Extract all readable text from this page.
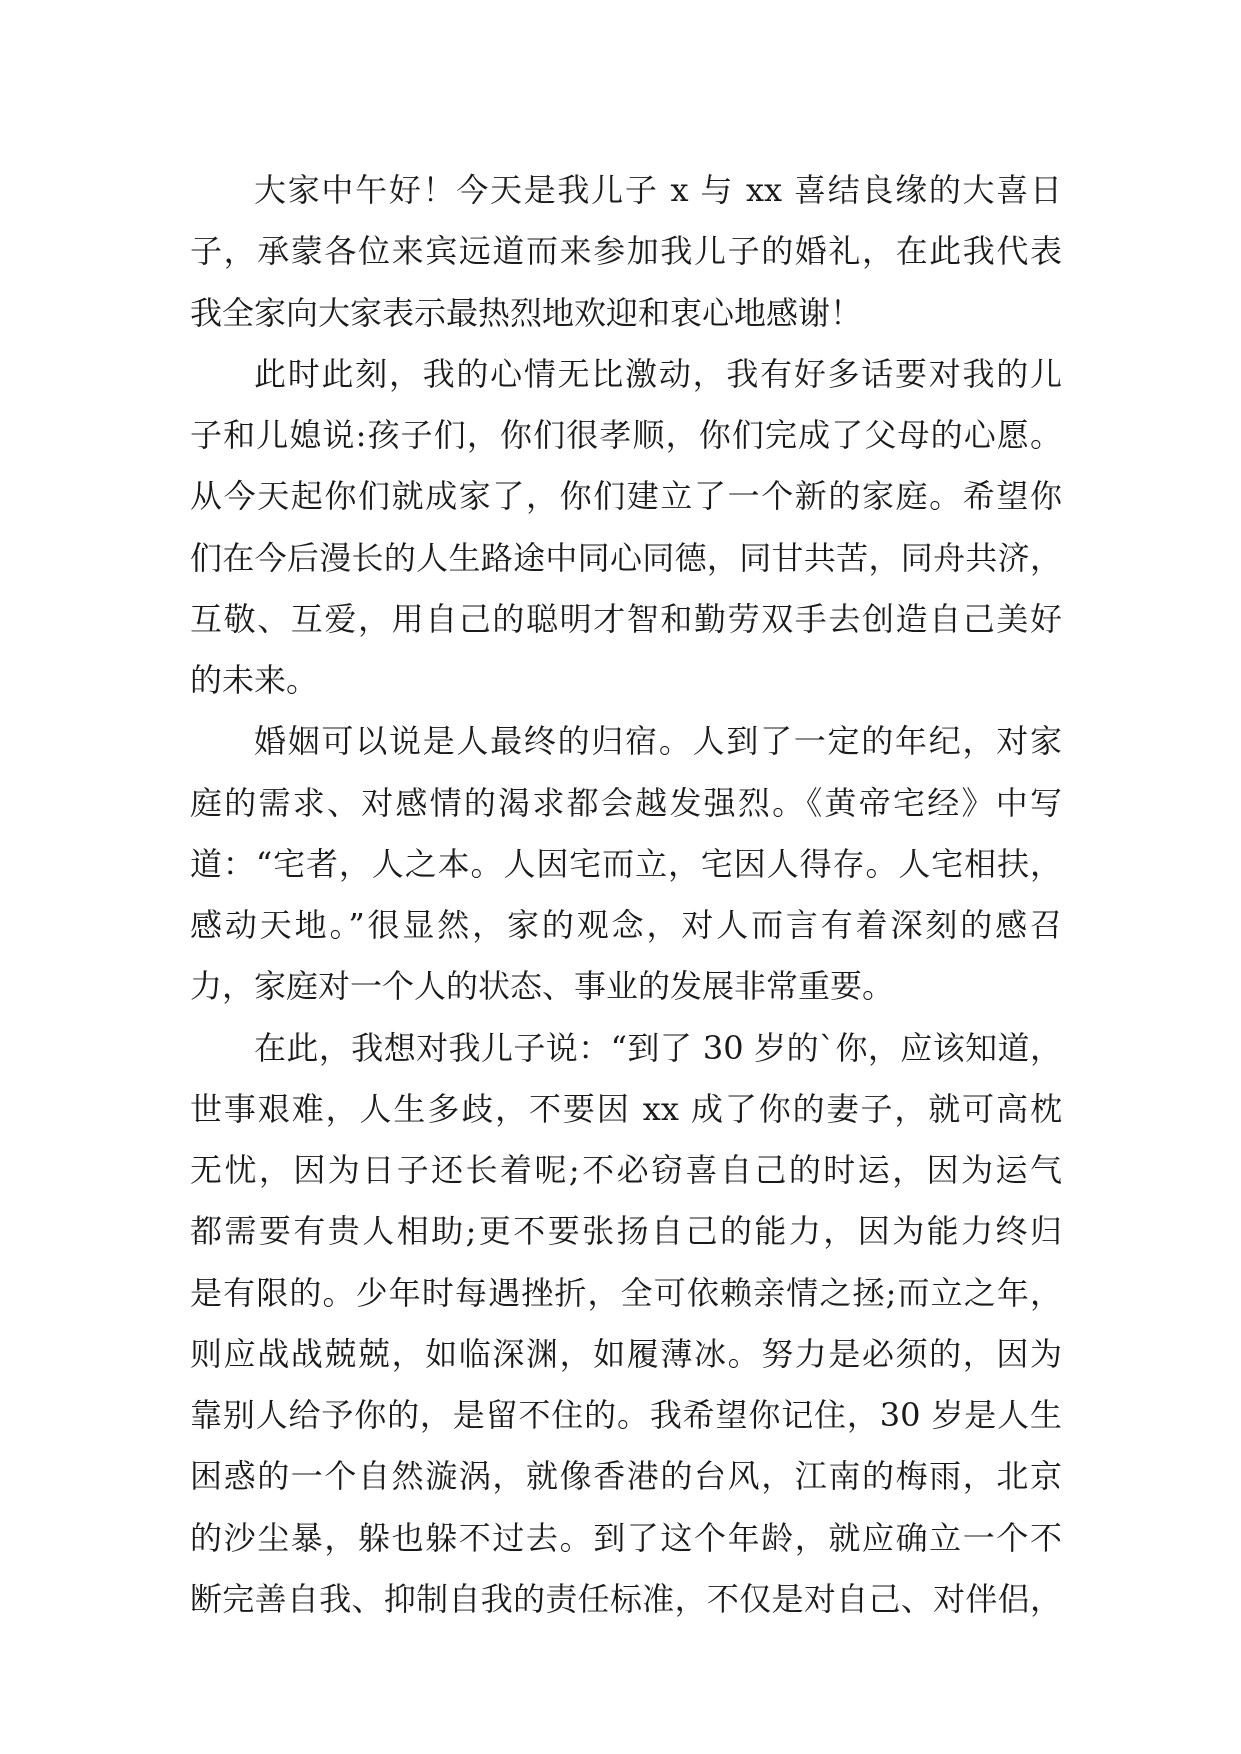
大家中午好！今天是我儿子 x 与 xx 喜结良缘的大喜日

子，承蒙各位来宾远道而来参加我儿子的婚礼，在此我代表

我全家向大家表示最热烈地欢迎和衷心地感谢！

此时此刻，我的心情无比激动，我有好多话要对我的儿

子和儿媳说:孩子们，你们很孝顺，你们完成了父母的心愿。

从今天起你们就成家了，你们建立了一个新的家庭。希望你

们在今后漫长的人生路途中同心同德，同甘共苦，同舟共济，

互敬、互爱，用自己的聪明才智和勤劳双手去创造自己美好

的未来。

婚姻可以说是人最终的归宿。人到了一定的年纪，对家

庭的需求、对感情的渴求都会越发强烈。《黄帝宅经》中写

道：“宅者，人之本。人因宅而立，宅因人得存。人宅相扶，

感动天地。”很显然，家的观念，对人而言有着深刻的感召

力，家庭对一个人的状态、事业的发展非常重要。

在此，我想对我儿子说：“到了 30 岁的`你，应该知道，

世事艰难，人生多歧，不要因 xx 成了你的妻子，就可高枕

无忧，因为日子还长着呢;不必窃喜自己的时运，因为运气

都需要有贵人相助;更不要张扬自己的能力，因为能力终归

是有限的。少年时每遇挫折，全可依赖亲情之拯;而立之年，

则应战战兢兢，如临深渊，如履薄冰。努力是必须的，因为

靠别人给予你的，是留不住的。我希望你记住，30 岁是人生

困惑的一个自然漩涡，就像香港的台风，江南的梅雨，北京

的沙尘暴，躲也躲不过去。到了这个年龄，就应确立一个不

断完善自我、抑制自我的责任标准，不仅是对自己、对伴侣，
